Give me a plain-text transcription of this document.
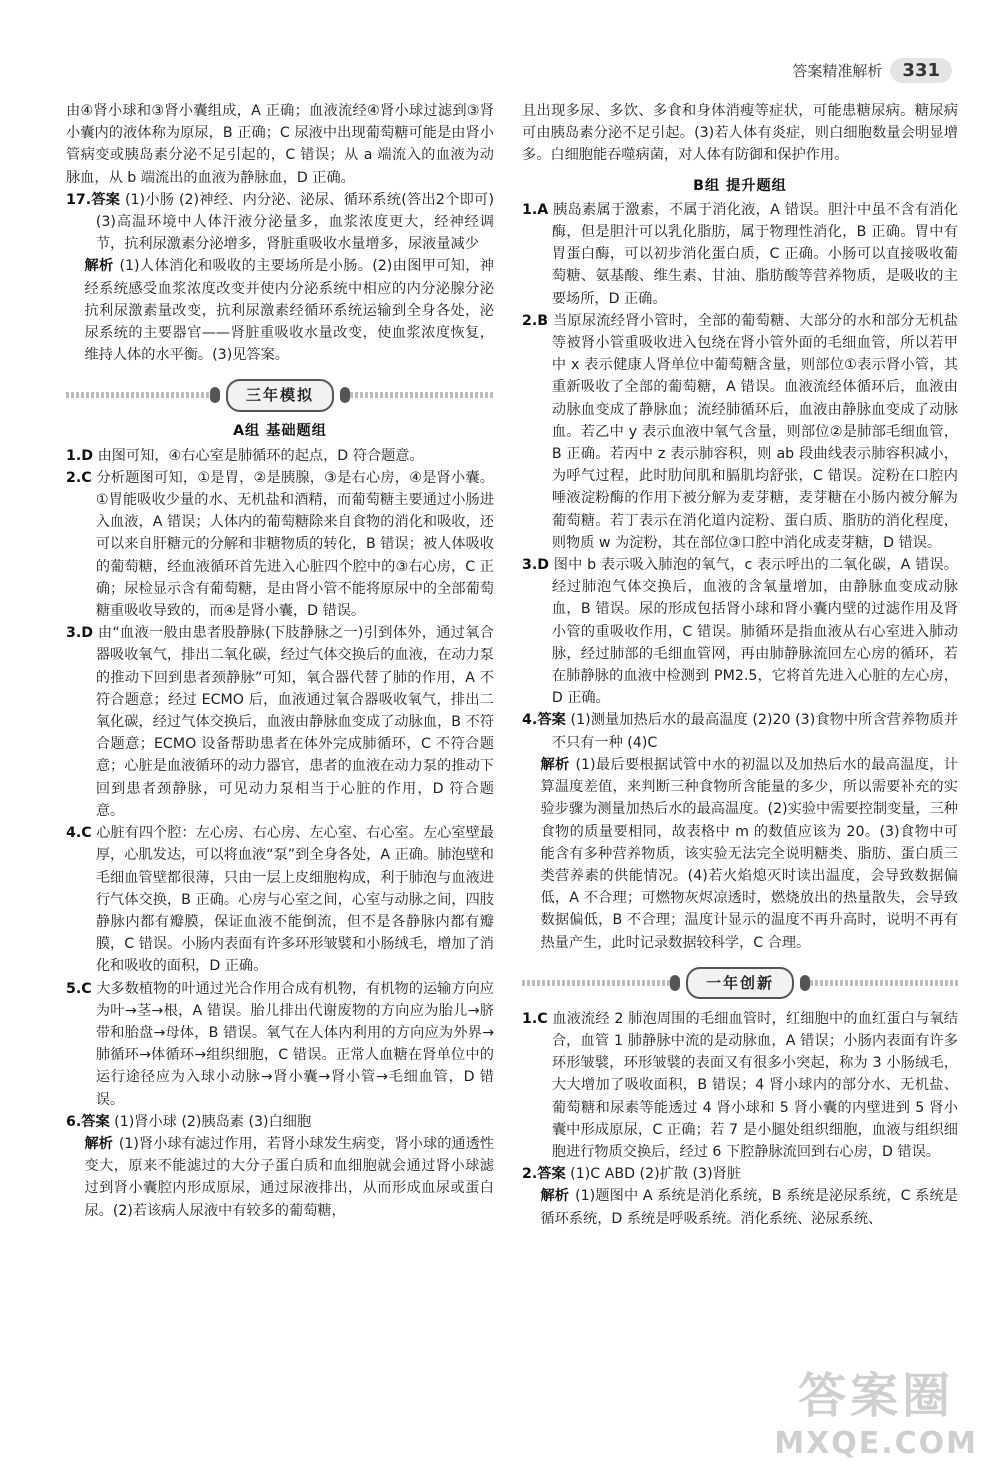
答案精准解析	331

由④肾小球和③肾小囊组成，A 正确；血液流经④肾小球过滤到③肾小囊内的液体称为原尿，B 正确；C 尿液中出现葡萄糖可能是由肾小管病变或胰岛素分泌不足引起的，C 错误；从 a 端流入的血液为动脉血，从 b 端流出的血液为静脉血，D 正确。

17.答案 (1)小肠 (2)神经、内分泌、泌尿、循环系统(答出2个即可) (3)高温环境中人体汗液分泌量多，血浆浓度更大，经神经调节，抗利尿激素分泌增多，肾脏重吸收水量增多，尿液量减少

解析 (1)人体消化和吸收的主要场所是小肠。(2)由图甲可知，神经系统感受血浆浓度改变并使内分泌系统中相应的内分泌腺分泌抗利尿激素量改变，抗利尿激素经循环系统运输到全身各处，泌尿系统的主要器官——肾脏重吸收水量改变，使血浆浓度恢复，维持人体的水平衡。(3)见答案。

三年模拟
A组 基础题组

1.D 由图可知，④右心室是肺循环的起点，D 符合题意。

2.C 分析题图可知，①是胃，②是胰腺，③是右心房，④是肾小囊。①胃能吸收少量的水、无机盐和酒精，而葡萄糖主要通过小肠进入血液，A 错误；人体内的葡萄糖除来自食物的消化和吸收，还可以来自肝糖元的分解和非糖物质的转化，B 错误；被人体吸收的葡萄糖，经血液循环首先进入心脏四个腔中的③右心房，C 正确；尿检显示含有葡萄糖，是由肾小管不能将原尿中的全部葡萄糖重吸收导致的，而④是肾小囊，D 错误。

3.D 由“血液一般由患者股静脉(下肢静脉之一)引到体外，通过氧合器吸收氧气，排出二氧化碳，经过气体交换后的血液，在动力泵的推动下回到患者颈静脉”可知，氧合器代替了肺的作用，A 不符合题意；经过 ECMO 后，血液通过氧合器吸收氧气，排出二氧化碳，经过气体交换后，血液由静脉血变成了动脉血，B 不符合题意；ECMO 设备帮助患者在体外完成肺循环，C 不符合题意；心脏是血液循环的动力器官，患者的血液在动力泵的推动下回到患者颈静脉，可见动力泵相当于心脏的作用，D 符合题意。

4.C 心脏有四个腔：左心房、右心房、左心室、右心室。左心室壁最厚，心肌发达，可以将血液“泵”到全身各处，A 正确。肺泡壁和毛细血管壁都很薄，只由一层上皮细胞构成，利于肺泡与血液进行气体交换，B 正确。心房与心室之间，心室与动脉之间，四肢静脉内都有瓣膜，保证血液不能倒流，但不是各静脉内都有瓣膜，C 错误。小肠内表面有许多环形皱襞和小肠绒毛，增加了消化和吸收的面积，D 正确。

5.C 大多数植物的叶通过光合作用合成有机物，有机物的运输方向应为叶→茎→根，A 错误。胎儿排出代谢废物的方向应为胎儿→脐带和胎盘→母体，B 错误。氧气在人体内利用的方向应为外界→肺循环→体循环→组织细胞，C 错误。正常人血糖在肾单位中的运行途径应为入球小动脉→肾小囊→肾小管→毛细血管，D 错误。

6.答案 (1)肾小球 (2)胰岛素 (3)白细胞

解析 (1)肾小球有滤过作用，若肾小球发生病变，肾小球的通透性变大，原来不能滤过的大分子蛋白质和血细胞就会通过肾小球滤过到肾小囊腔内形成原尿，通过尿液排出，从而形成血尿或蛋白尿。(2)若该病人尿液中有较多的葡萄糖，

且出现多尿、多饮、多食和身体消瘦等症状，可能患糖尿病。糖尿病可由胰岛素分泌不足引起。(3)若人体有炎症，则白细胞数量会明显增多。白细胞能吞噬病菌，对人体有防御和保护作用。

B组 提升题组

1.A 胰岛素属于激素，不属于消化液，A 错误。胆汁中虽不含有消化酶，但是胆汁可以乳化脂肪，属于物理性消化，B 正确。胃中有胃蛋白酶，可以初步消化蛋白质，C 正确。小肠可以直接吸收葡萄糖、氨基酸、维生素、甘油、脂肪酸等营养物质，是吸收的主要场所，D 正确。

2.B 当原尿流经肾小管时，全部的葡萄糖、大部分的水和部分无机盐等被肾小管重吸收进入包绕在肾小管外面的毛细血管，所以若甲中 x 表示健康人肾单位中葡萄糖含量，则部位①表示肾小管，其重新吸收了全部的葡萄糖，A 错误。血液流经体循环后，血液由动脉血变成了静脉血；流经肺循环后，血液由静脉血变成了动脉血。若乙中 y 表示血液中氧气含量，则部位②是肺部毛细血管，B 正确。若丙中 z 表示肺容积，则 ab 段曲线表示肺容积减小，为呼气过程，此时肋间肌和膈肌均舒张，C 错误。淀粉在口腔内唾液淀粉酶的作用下被分解为麦芽糖，麦芽糖在小肠内被分解为葡萄糖。若丁表示在消化道内淀粉、蛋白质、脂肪的消化程度，则物质 w 为淀粉，其在部位③口腔中消化成麦芽糖，D 错误。

3.D 图中 b 表示吸入肺泡的氧气，c 表示呼出的二氧化碳，A 错误。经过肺泡气体交换后，血液的含氧量增加，由静脉血变成动脉血，B 错误。尿的形成包括肾小球和肾小囊内壁的过滤作用及肾小管的重吸收作用，C 错误。肺循环是指血液从右心室进入肺动脉，经过肺部的毛细血管网，再由肺静脉流回左心房的循环，若在肺静脉的血液中检测到 PM2.5，它将首先进入心脏的左心房，D 正确。

4.答案 (1)测量加热后水的最高温度 (2)20 (3)食物中所含营养物质并不只有一种 (4)C

解析 (1)最后要根据试管中水的初温以及加热后水的最高温度，计算温度差值，来判断三种食物所含能量的多少，所以需要补充的实验步骤为测量加热后水的最高温度。(2)实验中需要控制变量，三种食物的质量要相同，故表格中 m 的数值应该为 20。(3)食物中可能含有多种营养物质，该实验无法完全说明糖类、脂肪、蛋白质三类营养素的供能情况。(4)若火焰熄灭时读出温度，会导致数据偏低，A 不合理；可燃物灰烬凉透时，燃烧放出的热量散失，会导致数据偏低，B 不合理；温度计显示的温度不再升高时，说明不再有热量产生，此时记录数据较科学，C 合理。

一年创新

1.C 血液流经 2 肺泡周围的毛细血管时，红细胞中的血红蛋白与氧结合，血管 1 肺静脉中流的是动脉血，A 错误；小肠内表面有许多环形皱襞，环形皱襞的表面又有很多小突起，称为 3 小肠绒毛，大大增加了吸收面积，B 错误；4 肾小球内的部分水、无机盐、葡萄糖和尿素等能透过 4 肾小球和 5 肾小囊的内壁进到 5 肾小囊中形成原尿，C 正确；若 7 是小腿处组织细胞，血液与组织细胞进行物质交换后，经过 6 下腔静脉流回到右心房，D 错误。

2.答案 (1)C ABD (2)扩散 (3)肾脏

解析 (1)题图中 A 系统是消化系统，B 系统是泌尿系统，C 系统是循环系统，D 系统是呼吸系统。消化系统、泌尿系统、

答案圈
MXQE.COM
